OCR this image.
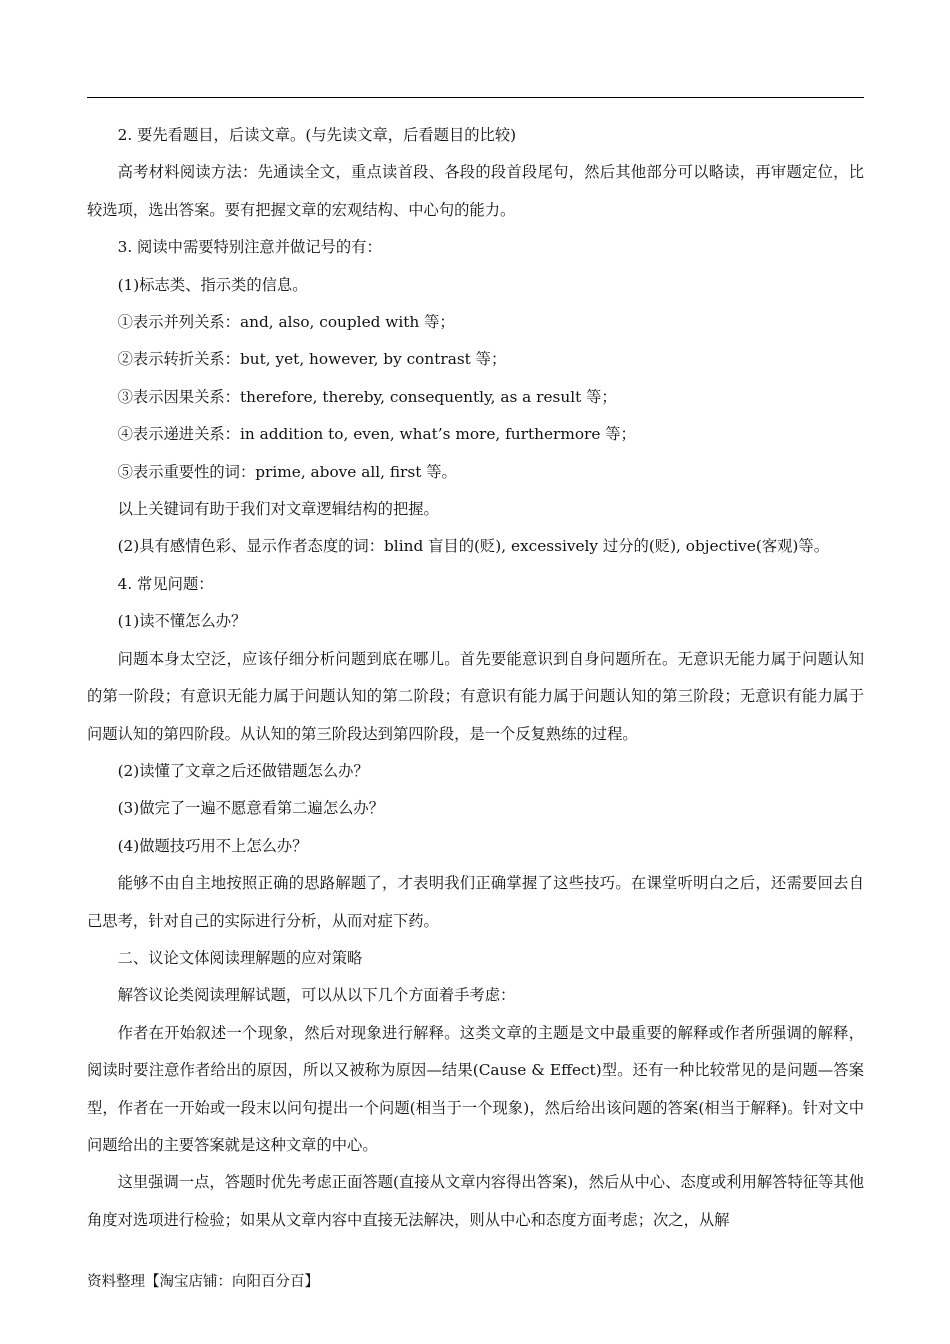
2. 要先看题目，后读文章。(与先读文章，后看题目的比较)

高考材料阅读方法：先通读全文，重点读首段、各段的段首段尾句，然后其他部分可以略读，再审题定位，比较选项，选出答案。要有把握文章的宏观结构、中心句的能力。

3. 阅读中需要特别注意并做记号的有：

(1)标志类、指示类的信息。

①表示并列关系：and, also, coupled with 等；

②表示转折关系：but, yet, however, by contrast 等；

③表示因果关系：therefore, thereby, consequently, as a result 等；

④表示递进关系：in addition to, even, what’s more, furthermore 等；

⑤表示重要性的词：prime, above all, first 等。

以上关键词有助于我们对文章逻辑结构的把握。

(2)具有感情色彩、显示作者态度的词：blind 盲目的(贬), excessively 过分的(贬), objective(客观)等。

4. 常见问题：

(1)读不懂怎么办？

问题本身太空泛，应该仔细分析问题到底在哪儿。首先要能意识到自身问题所在。无意识无能力属于问题认知的第一阶段；有意识无能力属于问题认知的第二阶段；有意识有能力属于问题认知的第三阶段；无意识有能力属于问题认知的第四阶段。从认知的第三阶段达到第四阶段，是一个反复熟练的过程。

(2)读懂了文章之后还做错题怎么办？

(3)做完了一遍不愿意看第二遍怎么办？

(4)做题技巧用不上怎么办？

能够不由自主地按照正确的思路解题了，才表明我们正确掌握了这些技巧。在课堂听明白之后，还需要回去自己思考，针对自己的实际进行分析，从而对症下药。

二、议论文体阅读理解题的应对策略

解答议论类阅读理解试题，可以从以下几个方面着手考虑：

作者在开始叙述一个现象，然后对现象进行解释。这类文章的主题是文中最重要的解释或作者所强调的解释，阅读时要注意作者给出的原因，所以又被称为原因—结果(Cause & Effect)型。还有一种比较常见的是问题—答案型，作者在一开始或一段末以问句提出一个问题(相当于一个现象)，然后给出该问题的答案(相当于解释)。针对文中问题给出的主要答案就是这种文章的中心。

这里强调一点，答题时优先考虑正面答题(直接从文章内容得出答案)，然后从中心、态度或利用解答特征等其他角度对选项进行检验；如果从文章内容中直接无法解决，则从中心和态度方面考虑；次之，从解

资料整理【淘宝店铺：向阳百分百】
